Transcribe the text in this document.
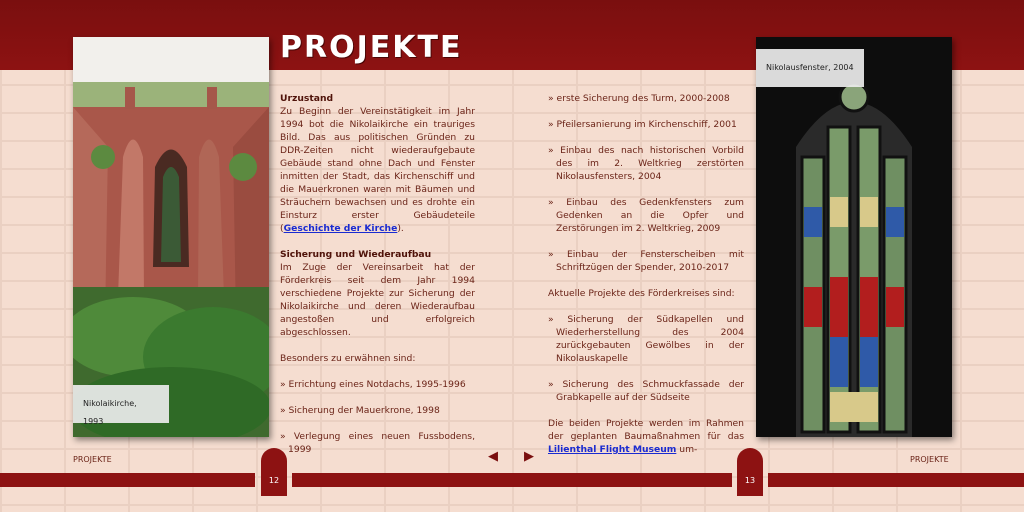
PROJEKTE
Nikolaikirche, 1993
Nikolausfenster, 2004

Urzustand
Zu Beginn der Vereinstätigkeit im Jahr 1994 bot die Nikolaikirche ein trauriges Bild. Das aus politischen Gründen zu DDR-Zeiten nicht wiederaufgebaute Gebäude stand ohne Dach und Fenster inmitten der Stadt, das Kirchenschiff und die Mauerkronen waren mit Bäumen und Sträuchern bewachsen und es drohte ein Einsturz erster Gebäudeteile (Geschichte der Kirche).

Sicherung und Wiederaufbau
Im Zuge der Vereinsarbeit hat der Förderkreis seit dem Jahr 1994 verschiedene Projekte zur Sicherung der Nikolaikirche und deren Wiederaufbau angestoßen und erfolgreich abgeschlossen.

Besonders zu erwähnen sind:

» Errichtung eines Notdachs, 1995-1996

» Sicherung der Mauerkrone, 1998

» Verlegung eines neuen Fussbodens, 1999

» erste Sicherung des Turm, 2000-2008

» Pfeilersanierung im Kirchenschiff, 2001

» Einbau des nach historischen Vorbild des im 2. Weltkrieg zerstörten Nikolausfensters, 2004

» Einbau des Gedenkfensters zum Gedenken an die Opfer und Zerstörungen im 2. Weltkrieg, 2009

» Einbau der Fensterscheiben mit Schriftzügen der Spender, 2010-2017

Aktuelle Projekte des Förderkreises sind:

» Sicherung der Südkapellen und Wiederherstellung des 2004 zurückgebauten Gewölbes in der Nikolauskapelle

» Sicherung des Schmuckfassade der Grabkapelle auf der Südseite

Die beiden Projekte werden im Rahmen der geplanten Baumaßnahmen für das Lilienthal Flight Museum um-

PROJEKTE	PROJEKTE
◀ ▶
12	13
